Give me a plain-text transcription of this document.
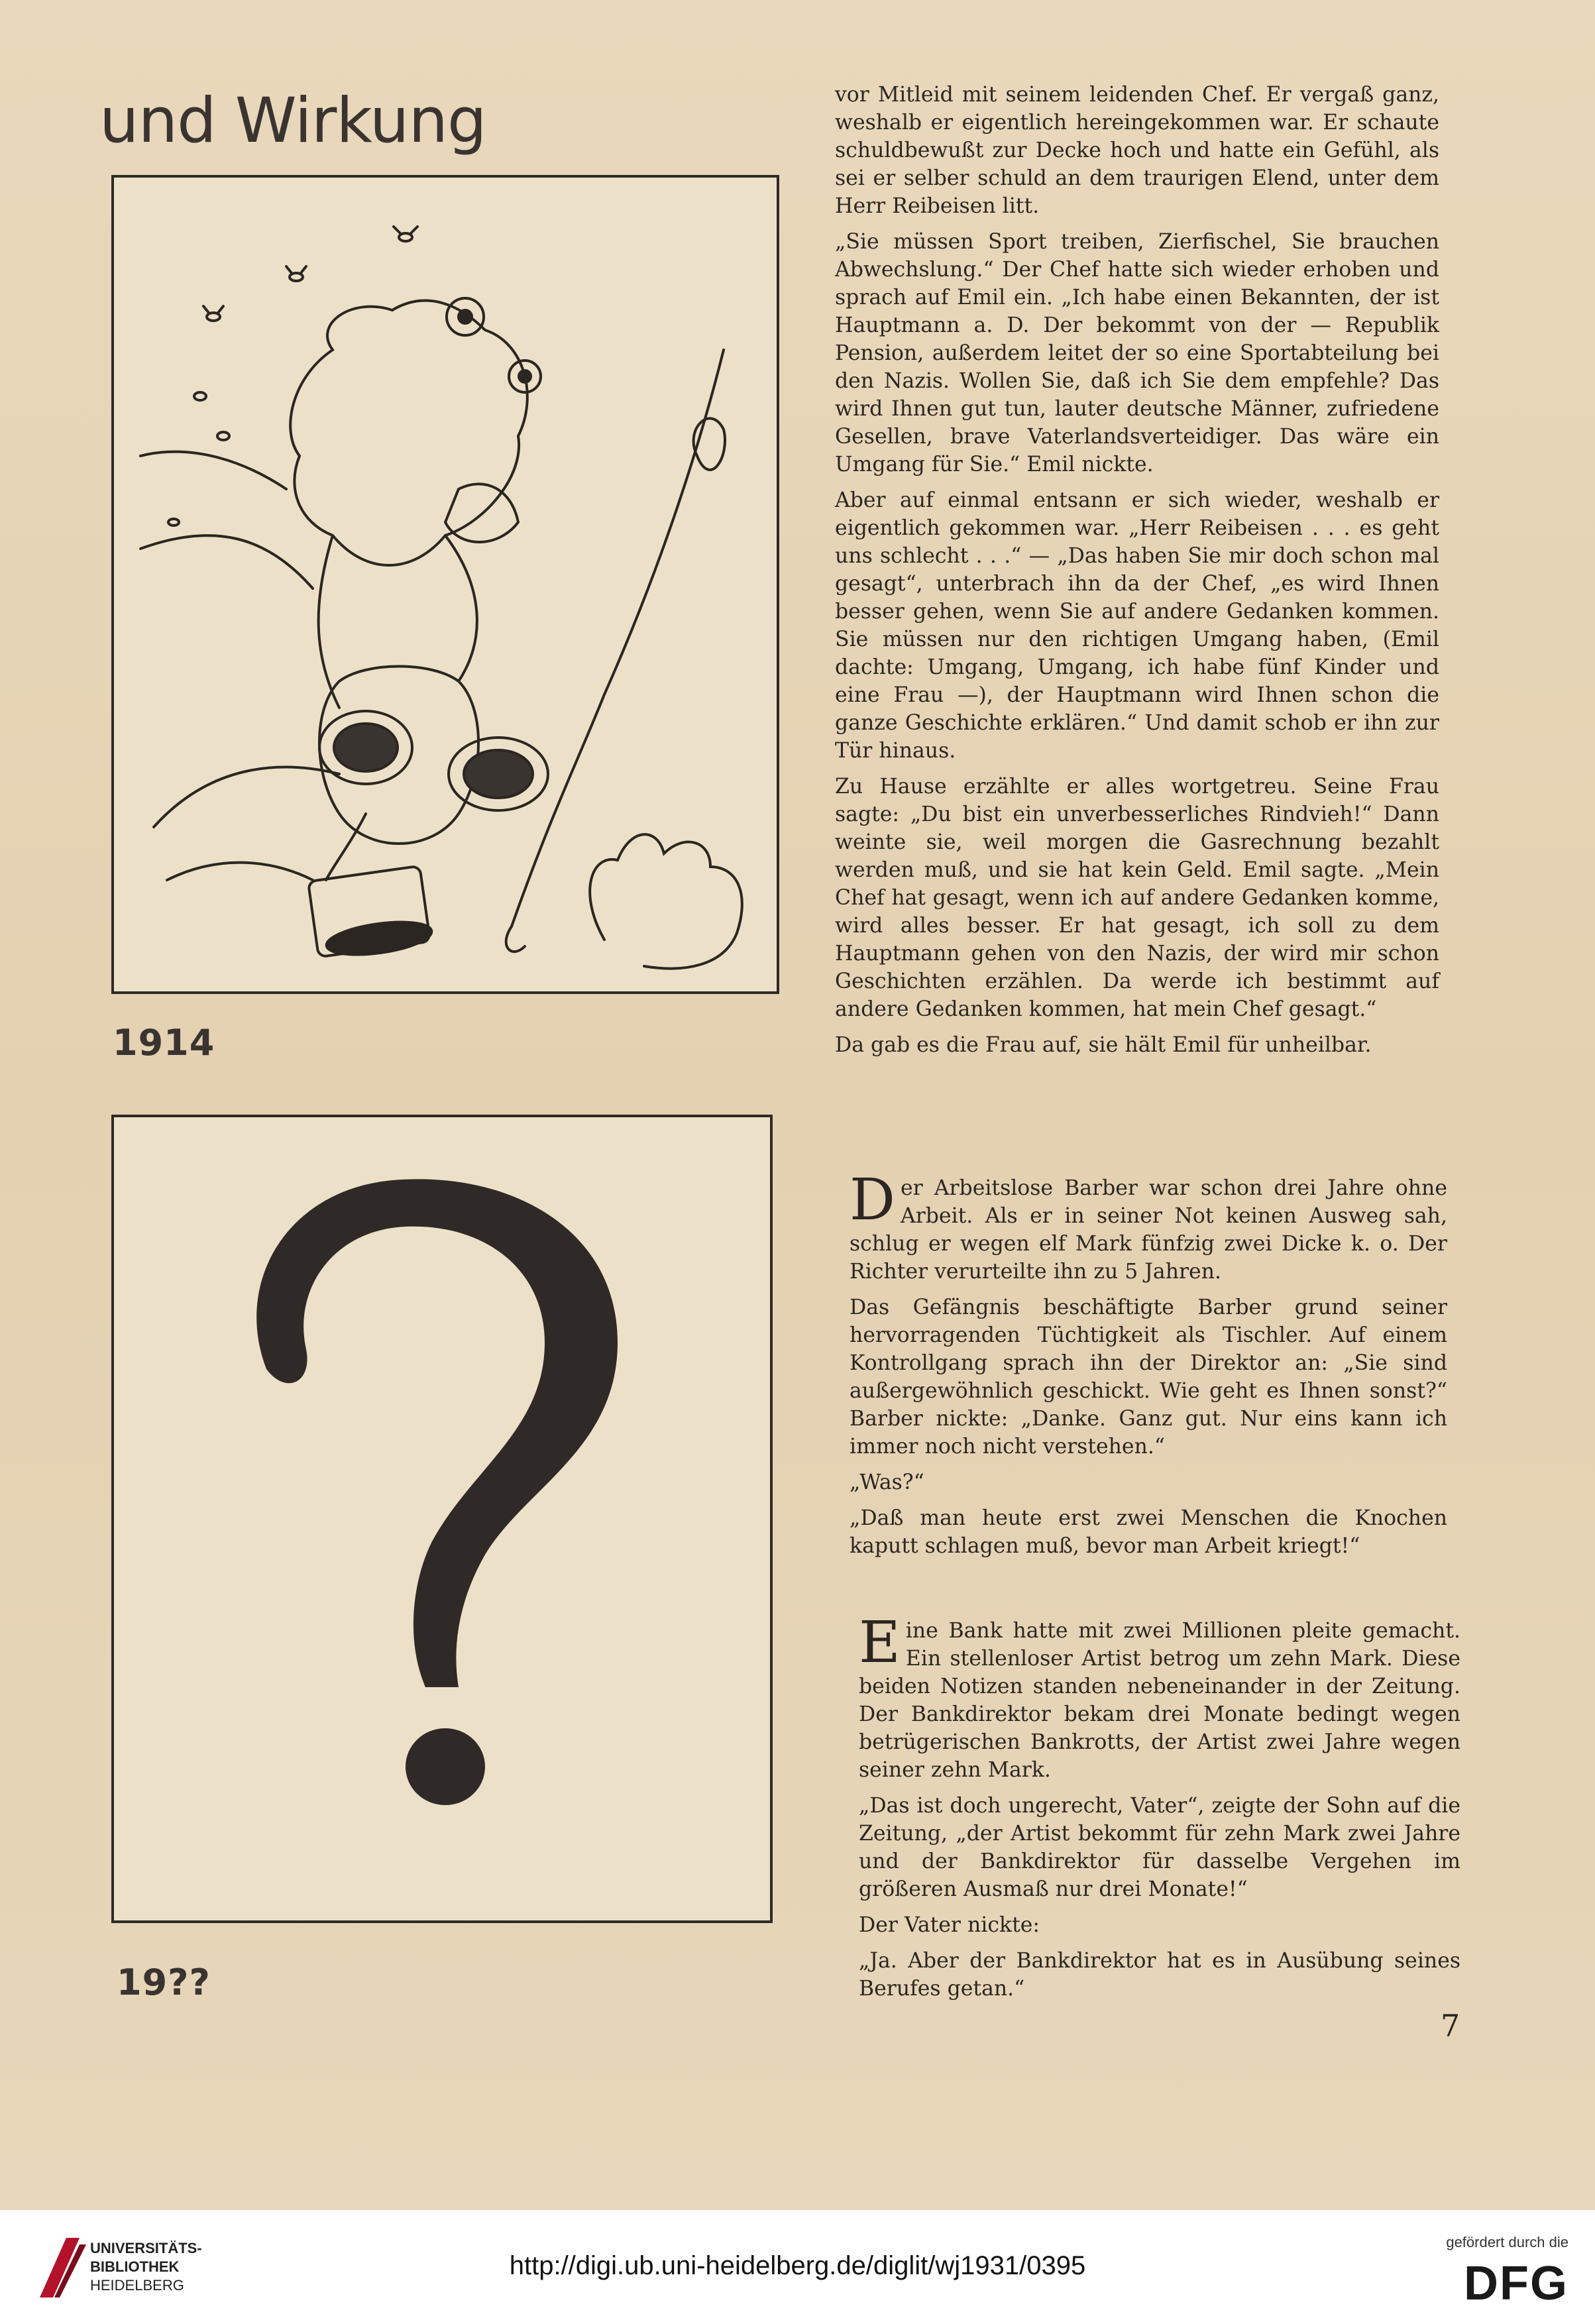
und Wirkung
1914
19??

vor Mitleid mit seinem leidenden Chef. Er vergaß ganz, weshalb er eigentlich hereingekommen war. Er schaute schuldbewußt zur Decke hoch und hatte ein Gefühl, als sei er selber schuld an dem traurigen Elend, unter dem Herr Reibeisen litt.

„Sie müssen Sport treiben, Zierfischel, Sie brauchen Abwechslung.“ Der Chef hatte sich wieder erhoben und sprach auf Emil ein. „Ich habe einen Bekannten, der ist Hauptmann a. D. Der bekommt von der — Republik Pension, außerdem leitet der so eine Sportabteilung bei den Nazis. Wollen Sie, daß ich Sie dem empfehle? Das wird Ihnen gut tun, lauter deutsche Männer, zufriedene Gesellen, brave Vaterlandsverteidiger. Das wäre ein Umgang für Sie.“ Emil nickte.

Aber auf einmal entsann er sich wieder, weshalb er eigentlich gekommen war. „Herr Reibeisen . . . es geht uns schlecht . . .“ — „Das haben Sie mir doch schon mal gesagt“, unterbrach ihn da der Chef, „es wird Ihnen besser gehen, wenn Sie auf andere Gedanken kommen. Sie müssen nur den richtigen Umgang haben, (Emil dachte: Umgang, Umgang, ich habe fünf Kinder und eine Frau —), der Hauptmann wird Ihnen schon die ganze Geschichte erklären.“ Und damit schob er ihn zur Tür hinaus.

Zu Hause erzählte er alles wortgetreu. Seine Frau sagte: „Du bist ein unverbesserliches Rindvieh!“ Dann weinte sie, weil morgen die Gasrechnung bezahlt werden muß, und sie hat kein Geld. Emil sagte. „Mein Chef hat gesagt, wenn ich auf andere Gedanken komme, wird alles besser. Er hat gesagt, ich soll zu dem Hauptmann gehen von den Nazis, der wird mir schon Geschichten erzählen. Da werde ich bestimmt auf andere Gedanken kommen, hat mein Chef gesagt.“

Da gab es die Frau auf, sie hält Emil für unheilbar.

Der Arbeitslose Barber war schon drei Jahre ohne Arbeit. Als er in seiner Not keinen Ausweg sah, schlug er wegen elf Mark fünfzig zwei Dicke k. o. Der Richter verurteilte ihn zu 5 Jahren.

Das Gefängnis beschäftigte Barber grund seiner hervorragenden Tüchtigkeit als Tischler. Auf einem Kontrollgang sprach ihn der Direktor an: „Sie sind außergewöhnlich geschickt. Wie geht es Ihnen sonst?“ Barber nickte: „Danke. Ganz gut. Nur eins kann ich immer noch nicht verstehen.“

„Was?“

„Daß man heute erst zwei Menschen die Knochen kaputt schlagen muß, bevor man Arbeit kriegt!“

Eine Bank hatte mit zwei Millionen pleite gemacht. Ein stellenloser Artist betrog um zehn Mark. Diese beiden Notizen standen nebeneinander in der Zeitung. Der Bankdirektor bekam drei Monate bedingt wegen betrügerischen Bankrotts, der Artist zwei Jahre wegen seiner zehn Mark.

„Das ist doch ungerecht, Vater“, zeigte der Sohn auf die Zeitung, „der Artist bekommt für zehn Mark zwei Jahre und der Bankdirektor für dasselbe Vergehen im größeren Ausmaß nur drei Monate!“

Der Vater nickte:

„Ja. Aber der Bankdirektor hat es in Ausübung seines Berufes getan.“

7
UNIVERSITÄTS-
BIBLIOTHEK
HEIDELBERG
http://digi.ub.uni-heidelberg.de/diglit/wj1931/0395
gefördert durch die
DFG
